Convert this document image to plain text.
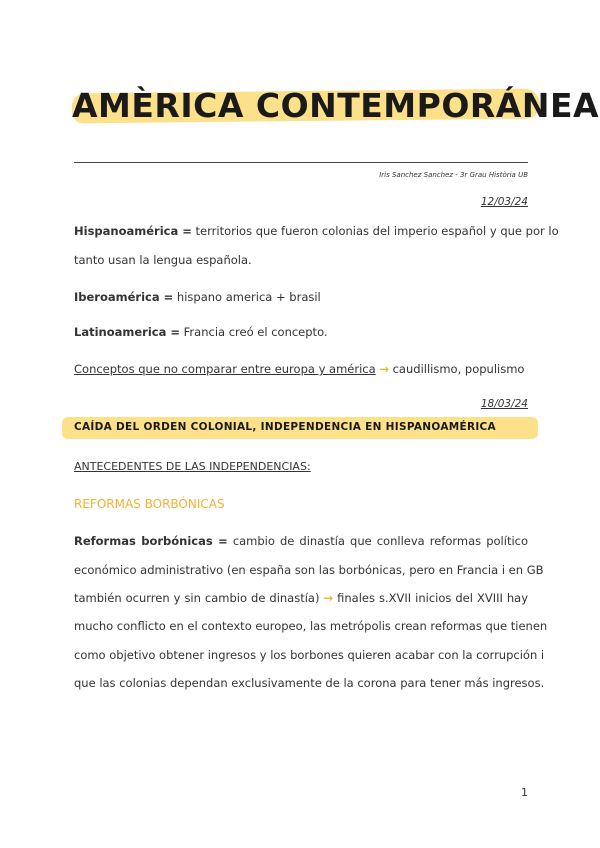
AMÈRICA CONTEMPORÁNEA
Iris Sanchez Sanchez - 3r Grau Història UB
12/03/24
Hispanoamérica = territorios que fueron colonias del imperio español y que por lo
tanto usan la lengua española.
Iberoamérica = hispano america + brasil
Latinoamerica = Francia creó el concepto.
Conceptos que no comparar entre europa y américa → caudillismo, populismo
18/03/24
CAÍDA DEL ORDEN COLONIAL, INDEPENDENCIA EN HISPANOAMÉRICA
ANTECEDENTES DE LAS INDEPENDENCIAS:
REFORMAS BORBÓNICAS
Reformas borbónicas = cambio de dinastía que conlleva reformas político
económico administrativo (en españa son las borbónicas, pero en Francia i en GB
también ocurren y sin cambio de dinastía) → finales s.XVII inicios del XVIII hay
mucho conflicto en el contexto europeo, las metrópolis crean reformas que tienen
como objetivo obtener ingresos y los borbones quieren acabar con la corrupción i
que las colonias dependan exclusivamente de la corona para tener más ingresos.
1
